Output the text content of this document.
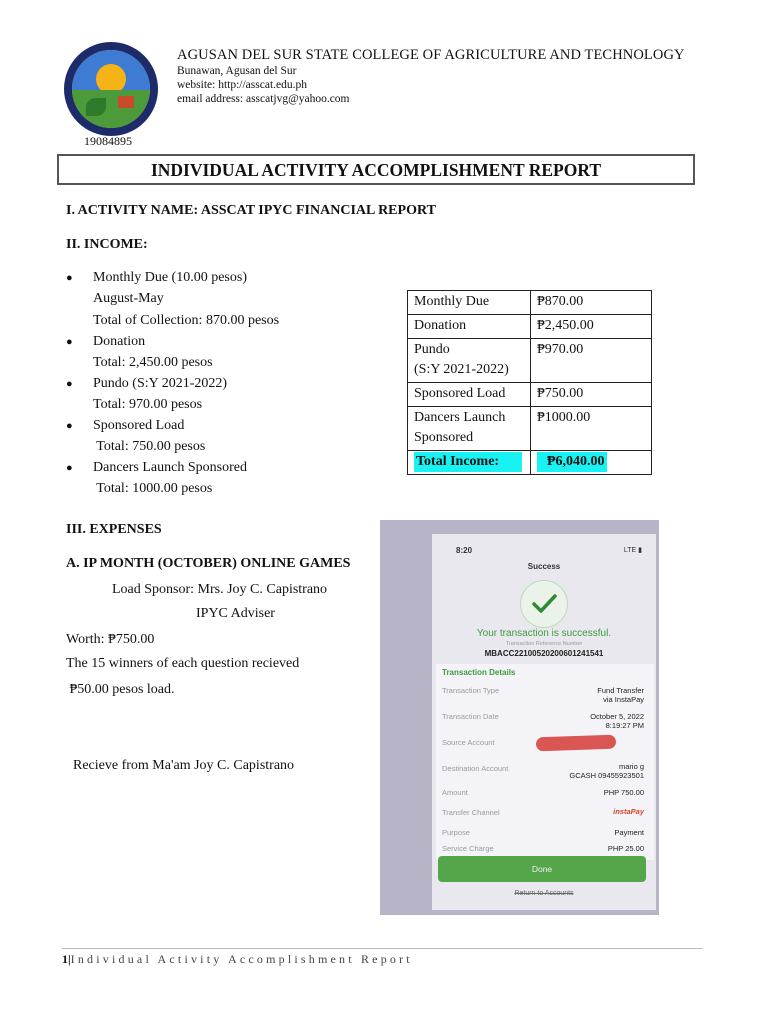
AGUSAN DEL SUR STATE COLLEGE OF AGRICULTURE AND TECHNOLOGY
Bunawan, Agusan del Sur
website: http://asscat.edu.ph
email address: asscatjvg@yahoo.com
19084895
INDIVIDUAL ACTIVITY ACCOMPLISHMENT REPORT
I. ACTIVITY NAME: ASSCAT IPYC FINANCIAL REPORT
II. INCOME:
● Monthly Due (10.00 pesos)
August-May
Total of Collection: 870.00 pesos
● Donation
Total: 2,450.00 pesos
● Pundo (S:Y 2021-2022)
Total: 970.00 pesos
● Sponsored Load
Total: 750.00 pesos
● Dancers Launch Sponsored
Total: 1000.00 pesos
Monthly Due	₱870.00
Donation	₱2,450.00

Pundo
(S:Y 2021-2022)	₱970.00
Sponsored Load	₱750.00

Dancers Launch
Sponsored	₱1000.00
Total Income:	₱6,040.00
III. EXPENSES
A. IP MONTH (OCTOBER) ONLINE GAMES
Load Sponsor: Mrs. Joy C. Capistrano
IPYC Adviser
Worth: ₱750.00
The 15 winners of each question recieved
₱50.00 pesos load.
Recieve from Ma'am Joy C. Capistrano
8:20	LTE ▮
Success
Your transaction is successful.
Transaction Reference Number
MBACC2210052020060124154​1
Transaction Details
Transaction Type	Fund Transfer
via InstaPay
Transaction Date	October 5, 2022
8:19:27 PM
Source Account
Destination Account	mario g
GCASH 09455923501
Amount	PHP 750.00
Transfer Channel	instaPay
Purpose	Payment
Service Charge	PHP 25.00
Done
Return to Accounts
1|Individual Activity Accomplishment Report
